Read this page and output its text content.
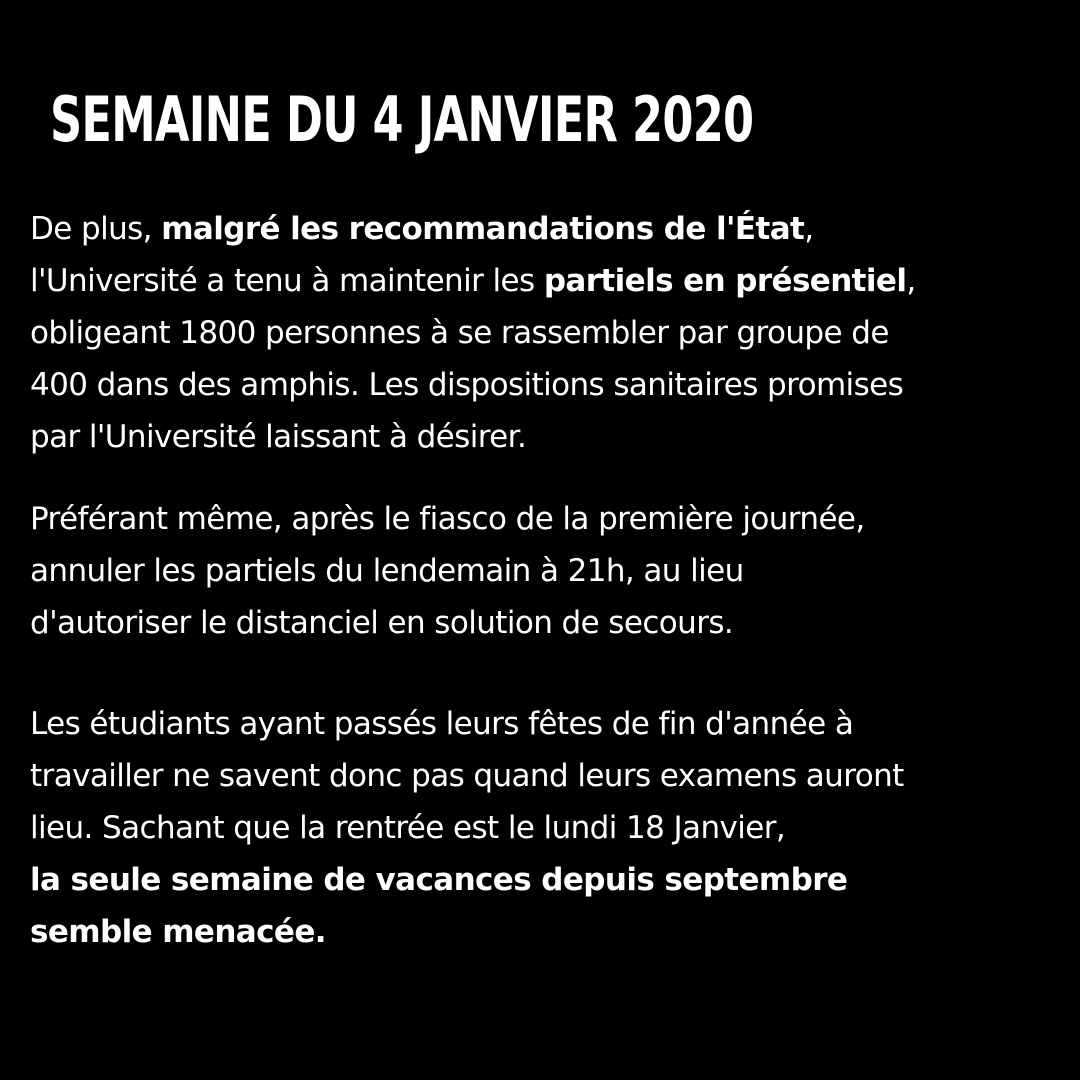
SEMAINE DU 4 JANVIER 2020

De plus, malgré les recommandations de l'État,
l'Université a tenu à maintenir les partiels en présentiel,
obligeant 1800 personnes à se rassembler par groupe de
400 dans des amphis. Les dispositions sanitaires promises
par l'Université laissant à désirer.

Préférant même, après le fiasco de la première journée,
annuler les partiels du lendemain à 21h, au lieu
d'autoriser le distanciel en solution de secours.

Les étudiants ayant passés leurs fêtes de fin d'année à
travailler ne savent donc pas quand leurs examens auront
lieu. Sachant que la rentrée est le lundi 18 Janvier,
la seule semaine de vacances depuis septembre
semble menacée.
